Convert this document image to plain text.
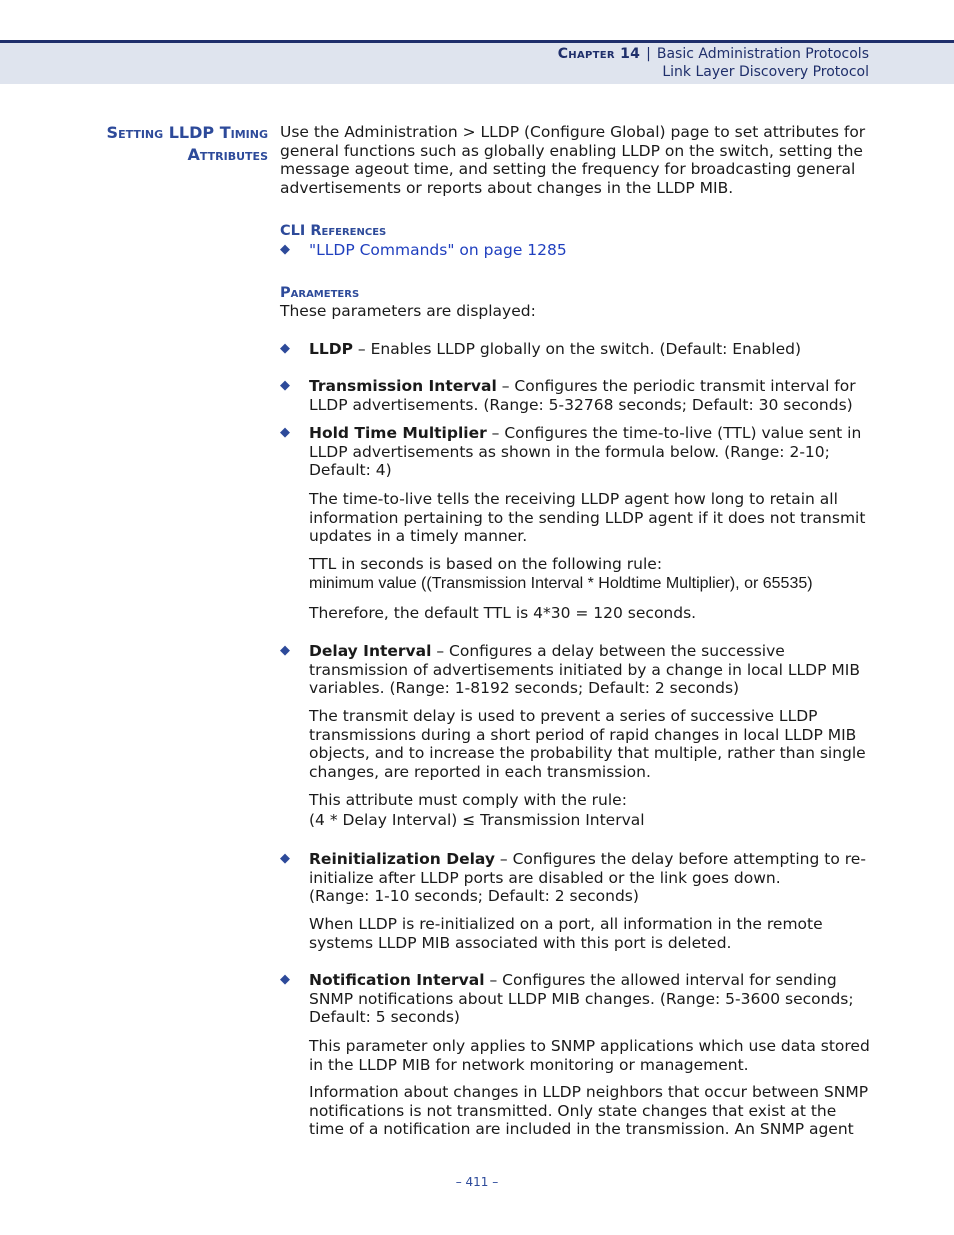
Chapter 14 | Basic Administration Protocols
Link Layer Discovery Protocol
Setting LLDP Timing
Attributes
Use the Administration > LLDP (Configure Global) page to set attributes for general functions such as globally enabling LLDP on the switch, setting the message ageout time, and setting the frequency for broadcasting general advertisements or reports about changes in the LLDP MIB.
CLI References
◆ "LLDP Commands" on page 1285
Parameters
These parameters are displayed:
◆ LLDP – Enables LLDP globally on the switch. (Default: Enabled)
◆ Transmission Interval – Configures the periodic transmit interval for LLDP advertisements. (Range: 5-32768 seconds; Default: 30 seconds)
◆ Hold Time Multiplier – Configures the time-to-live (TTL) value sent in LLDP advertisements as shown in the formula below. (Range: 2-10; Default: 4)
The time-to-live tells the receiving LLDP agent how long to retain all information pertaining to the sending LLDP agent if it does not transmit updates in a timely manner.
TTL in seconds is based on the following rule:
minimum value ((Transmission Interval * Holdtime Multiplier), or 65535)
Therefore, the default TTL is 4*30 = 120 seconds.
◆ Delay Interval – Configures a delay between the successive transmission of advertisements initiated by a change in local LLDP MIB variables. (Range: 1-8192 seconds; Default: 2 seconds)
The transmit delay is used to prevent a series of successive LLDP transmissions during a short period of rapid changes in local LLDP MIB objects, and to increase the probability that multiple, rather than single changes, are reported in each transmission.
This attribute must comply with the rule:
(4 * Delay Interval) ≤ Transmission Interval
◆ Reinitialization Delay – Configures the delay before attempting to re-initialize after LLDP ports are disabled or the link goes down.
(Range: 1-10 seconds; Default: 2 seconds)
When LLDP is re-initialized on a port, all information in the remote systems LLDP MIB associated with this port is deleted.
◆ Notification Interval – Configures the allowed interval for sending SNMP notifications about LLDP MIB changes. (Range: 5-3600 seconds; Default: 5 seconds)
This parameter only applies to SNMP applications which use data stored in the LLDP MIB for network monitoring or management.
Information about changes in LLDP neighbors that occur between SNMP notifications is not transmitted. Only state changes that exist at the time of a notification are included in the transmission. An SNMP agent
– 411 –
